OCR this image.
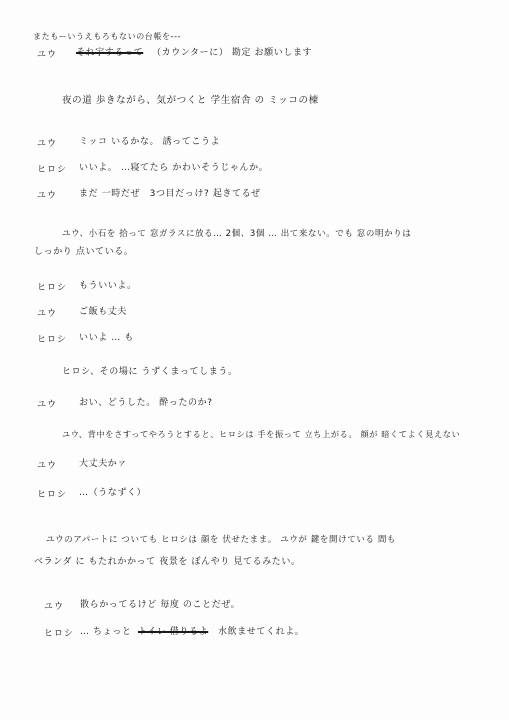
またもーいうえもろもないの台帳を---
ユウ それ宇するって （カウンターに） 勘定 お願いします
夜の道 歩きながら、気がつくと 学生宿舎 の ミッコの棟
ユウ ミッコ いるかな。 誘ってこうよ
ヒロシ いいよ。 …寝てたら かわいそうじゃんか。
ユウ まだ 一時だぜ　3つ目だっけ? 起きてるぜ
ユウ、小石を 拾って 窓ガラスに放る… 2個、3個 … 出て来ない。でも 窓の明かりは
しっかり 点いている。
ヒロシ もういいよ。
ユウ ご飯も丈夫
ヒロシ いいよ … も
ヒロシ、その場に うずくまってしまう。
ユウ おい、どうした。 酔ったのか?
ユウ、背中をさすってやろうとすると、ヒロシは 手を振って 立ち上がる。 顔が 暗くてよく見えない
ユウ 大丈夫かァ
ヒロシ …（うなずく）
ユウのアパートに ついても ヒロシは 顔を 伏せたまま。 ユウが 鍵を開けている 間も
ベランダ に もたれかかって 夜景を ぼんやり 見てるみたい。
ユウ 散らかってるけど 毎度 のことだぜ。
ヒロシ … ちょっと トイレ 借りるよ 水飲ませてくれよ。
